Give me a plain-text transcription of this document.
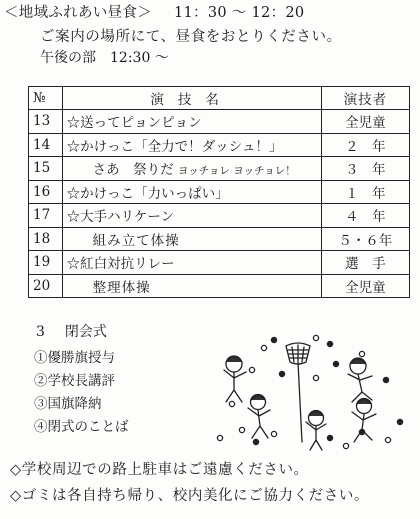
＜地域ふれあい昼食＞ 11：30 〜 12：20
ご案内の場所にて、昼食をおとりください。
午後の部 12:30 〜
№	演技名	演技者
13	☆送ってピョンピョン	全児童
14	☆かけっこ「全力で！ダッシュ！」	２　年
15	さあ　祭りだ ヨッチョレ ヨッチョレ！	３　年
16	☆かけっこ「力いっぱい」	１　年
17	☆大手ハリケーン	４　年
18	組み立て体操	５・６年
19	☆紅白対抗リレー	選　手
20	整理体操	全児童
3 閉会式
①優勝旗授与
②学校長講評
③国旗降納
④閉式のことば
◇学校周辺での路上駐車はご遠慮ください。
◇ゴミは各自持ち帰り、校内美化にご協力ください。
